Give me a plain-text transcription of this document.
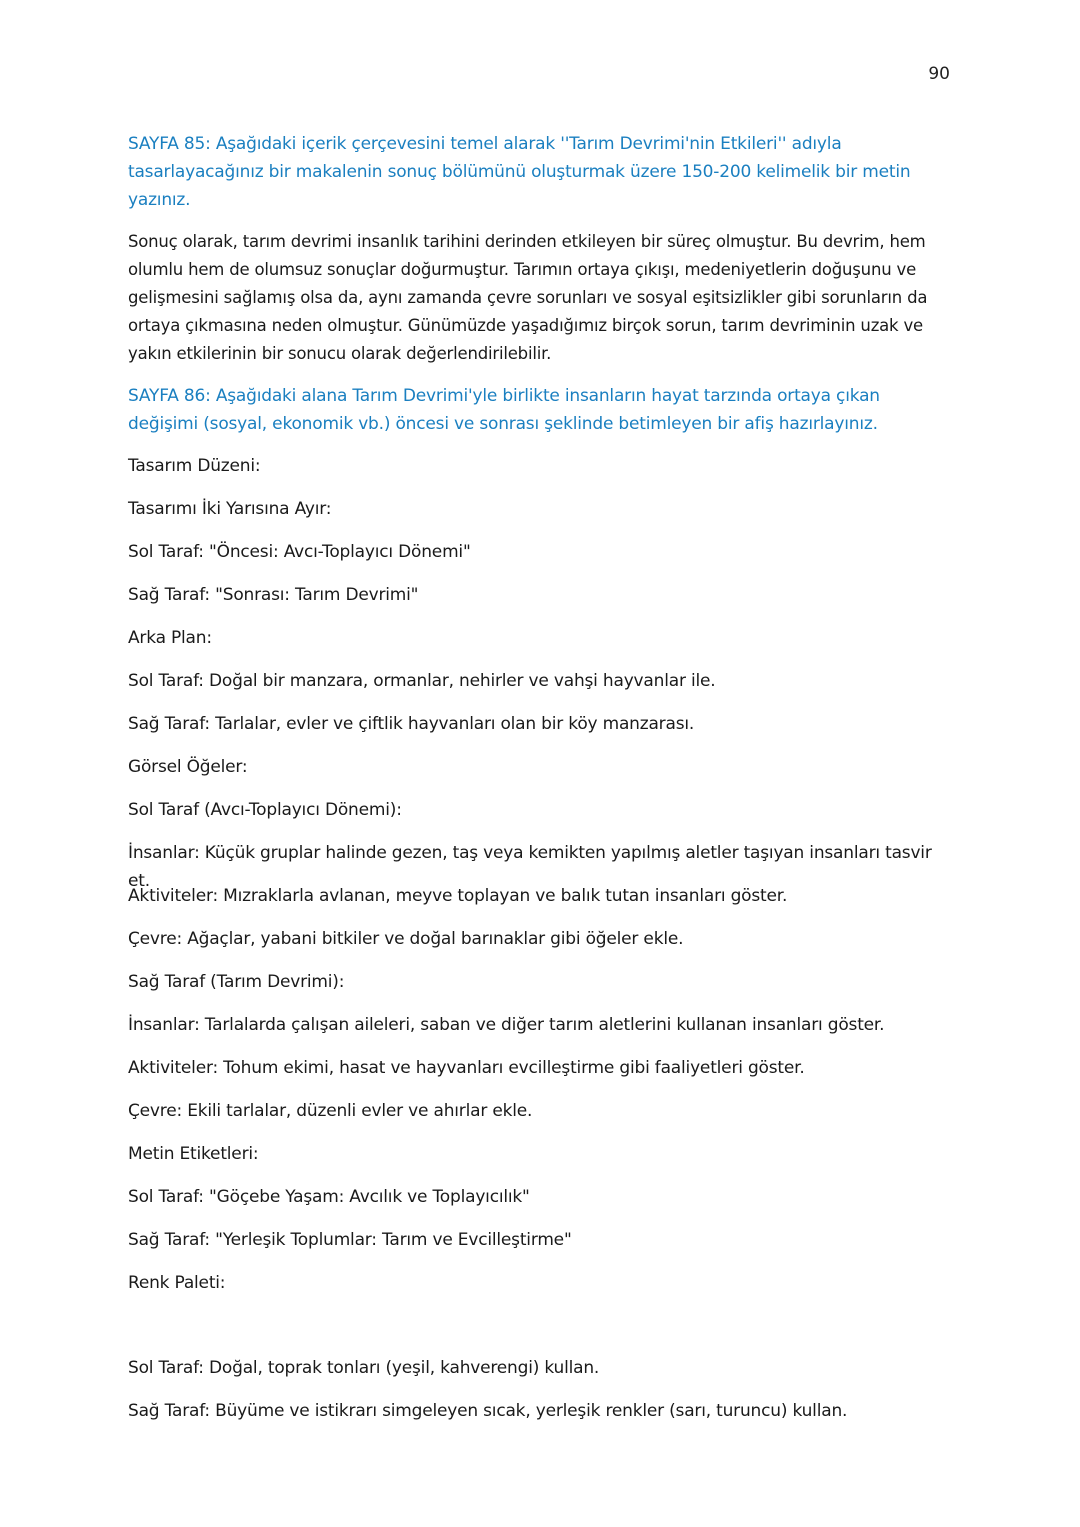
90

SAYFA 85: Aşağıdaki içerik çerçevesini temel alarak ''Tarım Devrimi'nin Etkileri'' adıyla tasarlayacağınız bir makalenin sonuç bölümünü oluşturmak üzere 150-200 kelimelik bir metin yazınız.

Sonuç olarak, tarım devrimi insanlık tarihini derinden etkileyen bir süreç olmuştur. Bu devrim, hem olumlu hem de olumsuz sonuçlar doğurmuştur. Tarımın ortaya çıkışı, medeniyetlerin doğuşunu ve gelişmesini sağlamış olsa da, aynı zamanda çevre sorunları ve sosyal eşitsizlikler gibi sorunların da ortaya çıkmasına neden olmuştur. Günümüzde yaşadığımız birçok sorun, tarım devriminin uzak ve yakın etkilerinin bir sonucu olarak değerlendirilebilir.

SAYFA 86: Aşağıdaki alana Tarım Devrimi'yle birlikte insanların hayat tarzında ortaya çıkan değişimi (sosyal, ekonomik vb.) öncesi ve sonrası şeklinde betimleyen bir afiş hazırlayınız.

Tasarım Düzeni:

Tasarımı İki Yarısına Ayır:

Sol Taraf: "Öncesi: Avcı-Toplayıcı Dönemi"

Sağ Taraf: "Sonrası: Tarım Devrimi"

Arka Plan:

Sol Taraf: Doğal bir manzara, ormanlar, nehirler ve vahşi hayvanlar ile.

Sağ Taraf: Tarlalar, evler ve çiftlik hayvanları olan bir köy manzarası.

Görsel Öğeler:

Sol Taraf (Avcı-Toplayıcı Dönemi):

İnsanlar: Küçük gruplar halinde gezen, taş veya kemikten yapılmış aletler taşıyan insanları tasvir et.

Aktiviteler: Mızraklarla avlanan, meyve toplayan ve balık tutan insanları göster.

Çevre: Ağaçlar, yabani bitkiler ve doğal barınaklar gibi öğeler ekle.

Sağ Taraf (Tarım Devrimi):

İnsanlar: Tarlalarda çalışan aileleri, saban ve diğer tarım aletlerini kullanan insanları göster.

Aktiviteler: Tohum ekimi, hasat ve hayvanları evcilleştirme gibi faaliyetleri göster.

Çevre: Ekili tarlalar, düzenli evler ve ahırlar ekle.

Metin Etiketleri:

Sol Taraf: "Göçebe Yaşam: Avcılık ve Toplayıcılık"

Sağ Taraf: "Yerleşik Toplumlar: Tarım ve Evcilleştirme"

Renk Paleti:

Sol Taraf: Doğal, toprak tonları (yeşil, kahverengi) kullan.

Sağ Taraf: Büyüme ve istikrarı simgeleyen sıcak, yerleşik renkler (sarı, turuncu) kullan.
